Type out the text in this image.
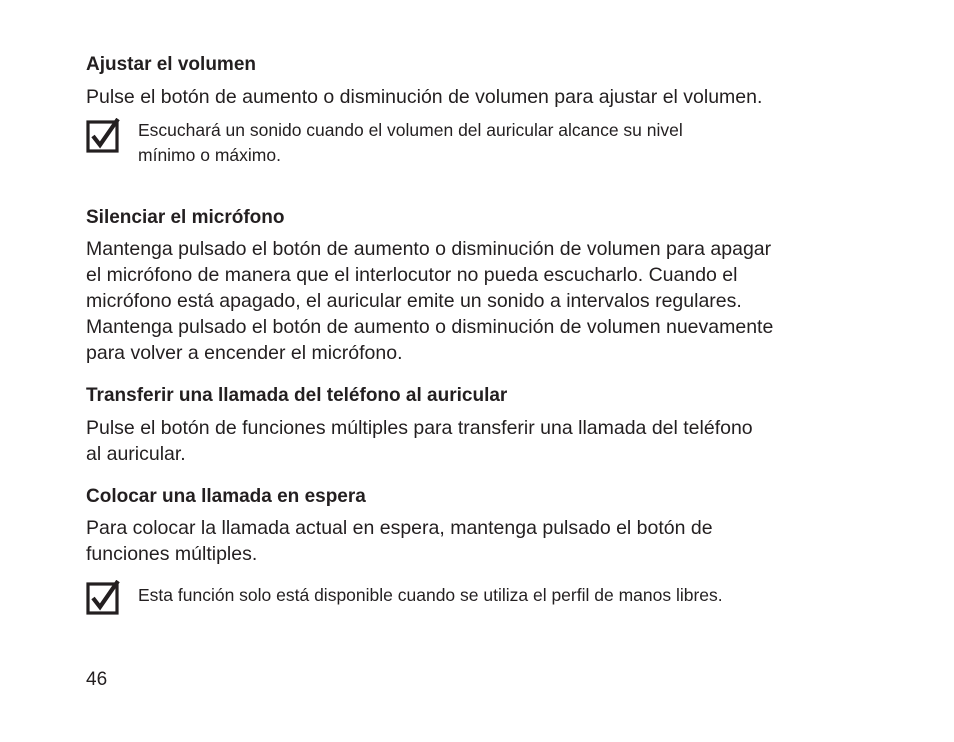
Ajustar el volumen

Pulse el botón de aumento o disminución de volumen para ajustar el volumen.

Escuchará un sonido cuando el volumen del auricular alcance su nivel
mínimo o máximo.

Silenciar el micrófono

Mantenga pulsado el botón de aumento o disminución de volumen para apagar
el micrófono de manera que el interlocutor no pueda escucharlo. Cuando el
micrófono está apagado, el auricular emite un sonido a intervalos regulares.
Mantenga pulsado el botón de aumento o disminución de volumen nuevamente
para volver a encender el micrófono.

Transferir una llamada del teléfono al auricular

Pulse el botón de funciones múltiples para transferir una llamada del teléfono
al auricular.

Colocar una llamada en espera

Para colocar la llamada actual en espera, mantenga pulsado el botón de
funciones múltiples.

Esta función solo está disponible cuando se utiliza el perfil de manos libres.

46
